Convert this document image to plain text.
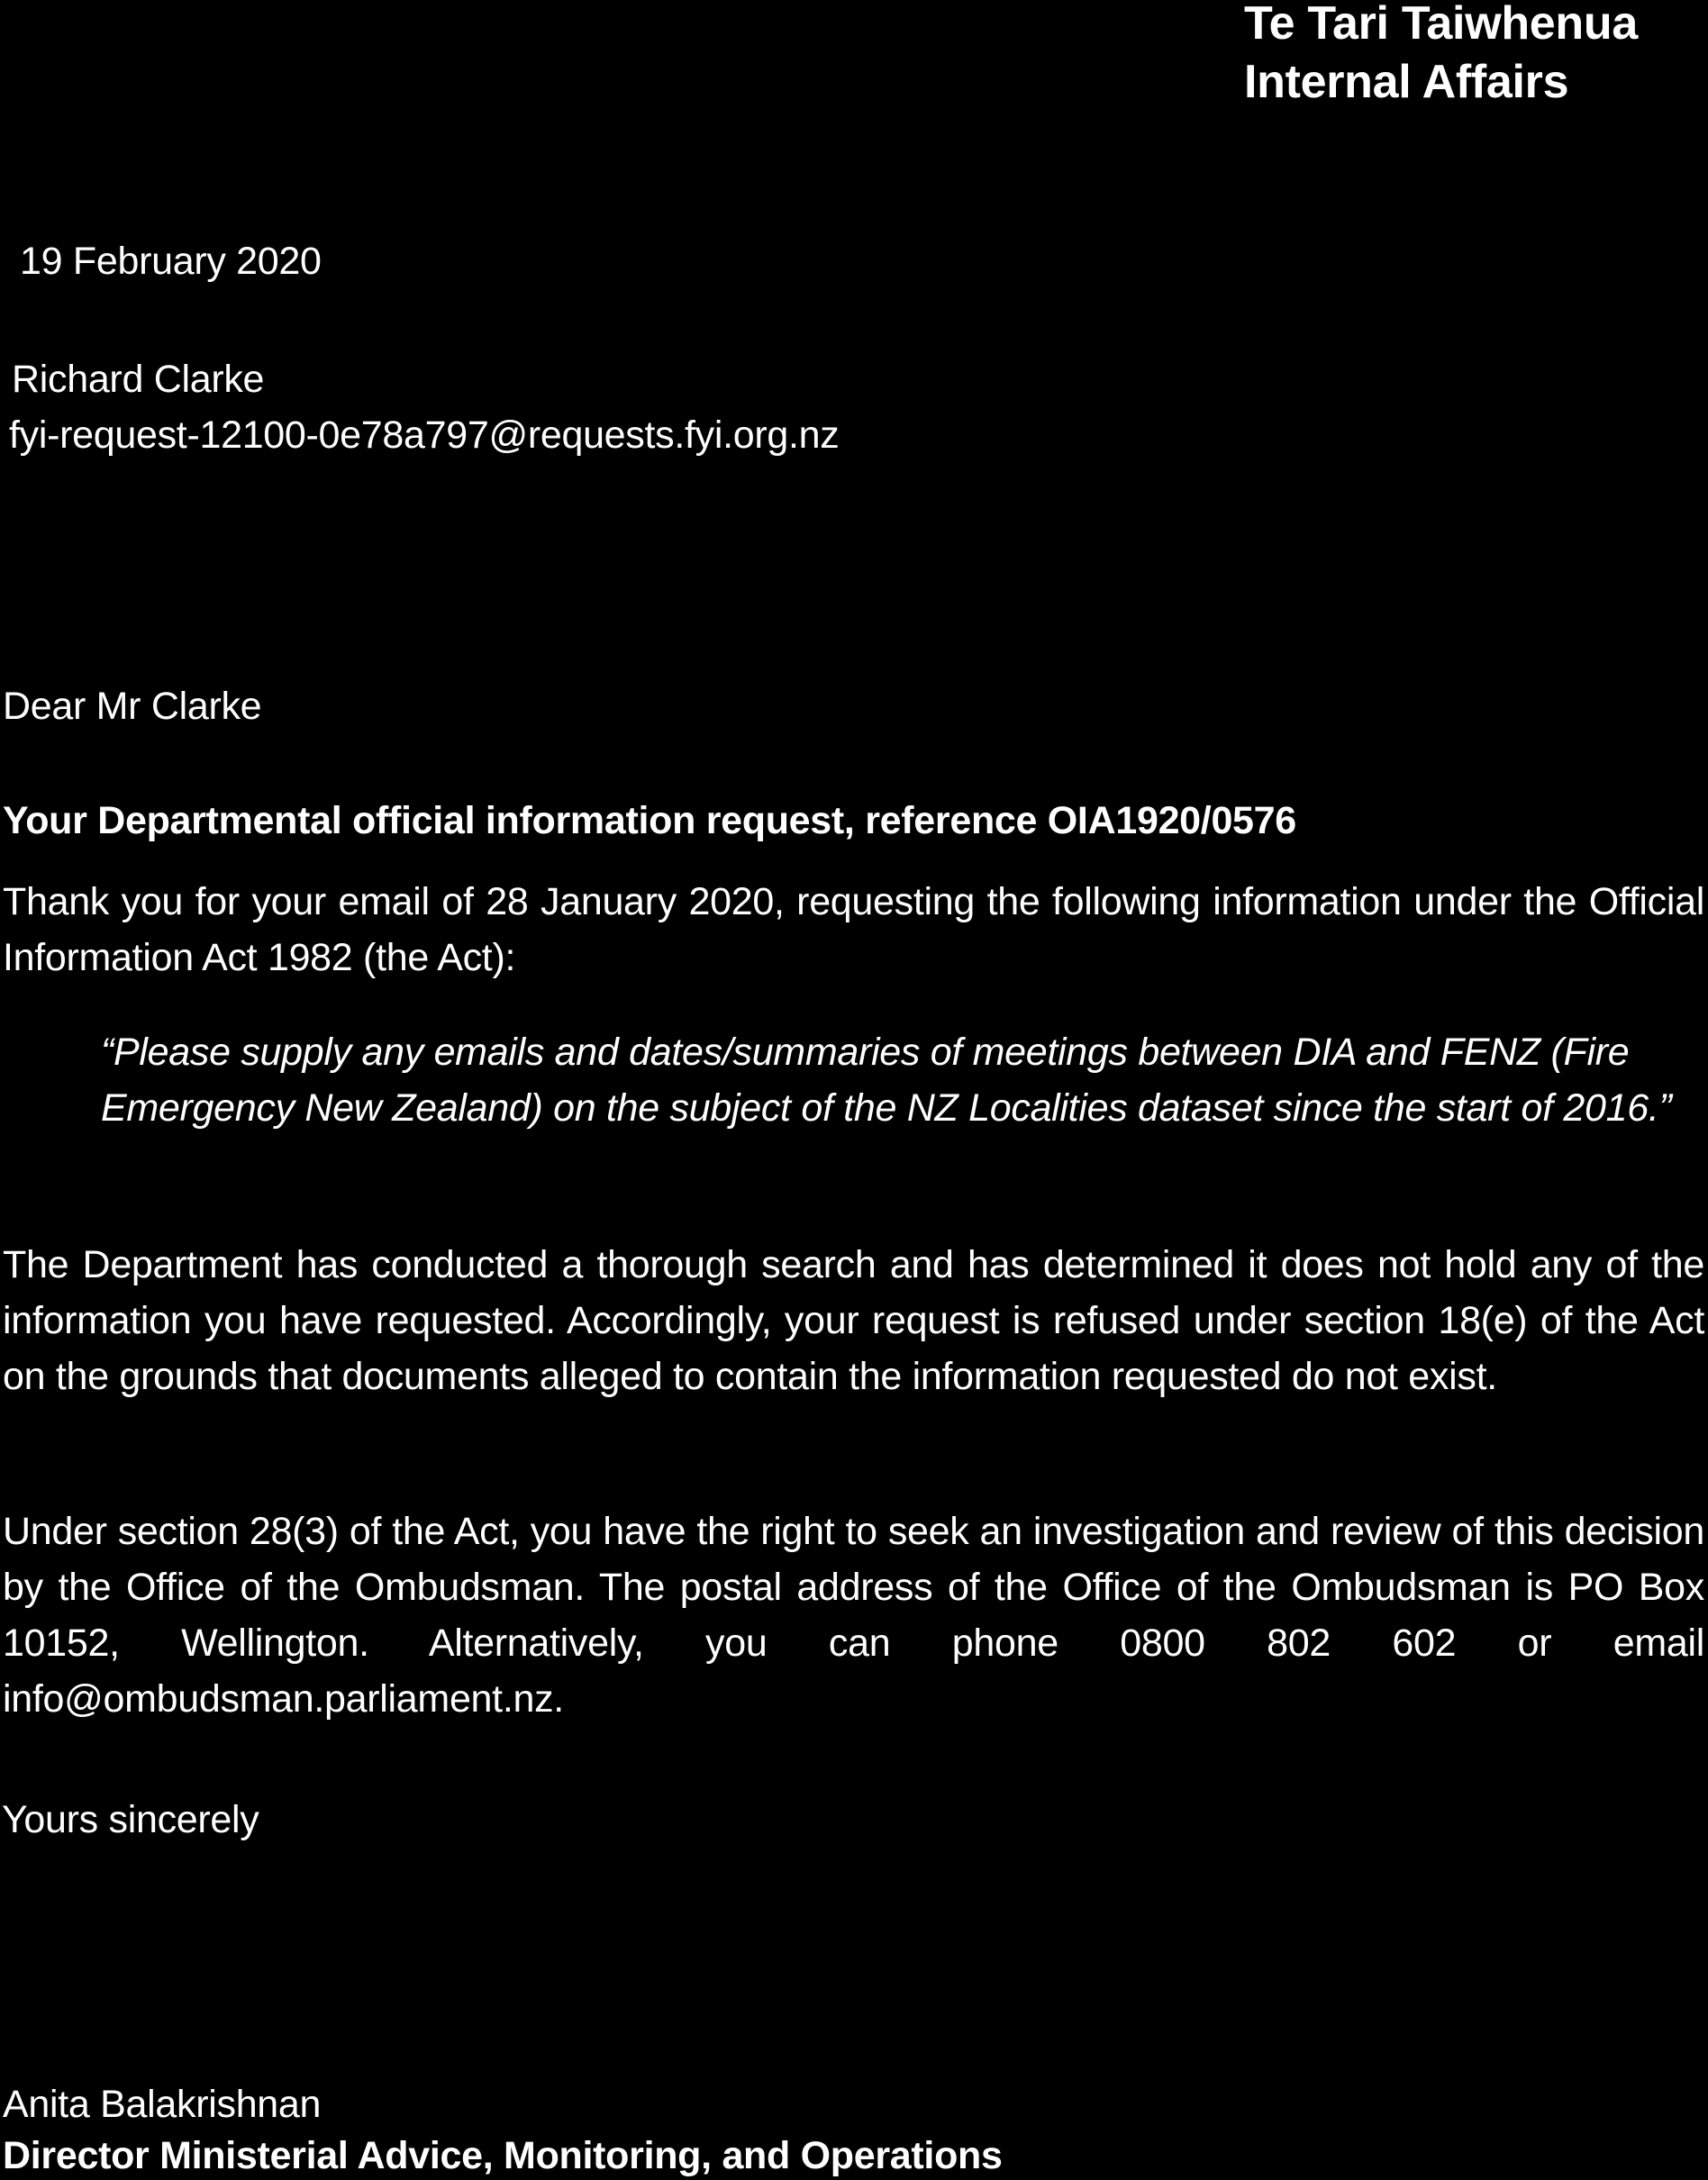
Te Tari Taiwhenua
Internal Affairs
19 February 2020
Richard Clarke
fyi-request-12100-0e78a797@requests.fyi.org.nz
Dear Mr Clarke
Your Departmental official information request, reference OIA1920/0576
Thank you for your email of 28 January 2020, requesting the following information under the Official Information Act 1982 (the Act):
“Please supply any emails and dates/summaries of meetings between DIA and FENZ (Fire Emergency New Zealand) on the subject of the NZ Localities dataset since the start of 2016.”
The Department has conducted a thorough search and has determined it does not hold any of the information you have requested. Accordingly, your request is refused under section 18(e) of the Act on the grounds that documents alleged to contain the information requested do not exist.
Under section 28(3) of the Act, you have the right to seek an investigation and review of this decision by the Office of the Ombudsman. The postal address of the Office of the Ombudsman is PO Box 10152, Wellington. Alternatively, you can phone 0800 802 602 or email info@ombudsman.parliament.nz.
Yours sincerely
Anita Balakrishnan
Director Ministerial Advice, Monitoring, and Operations
